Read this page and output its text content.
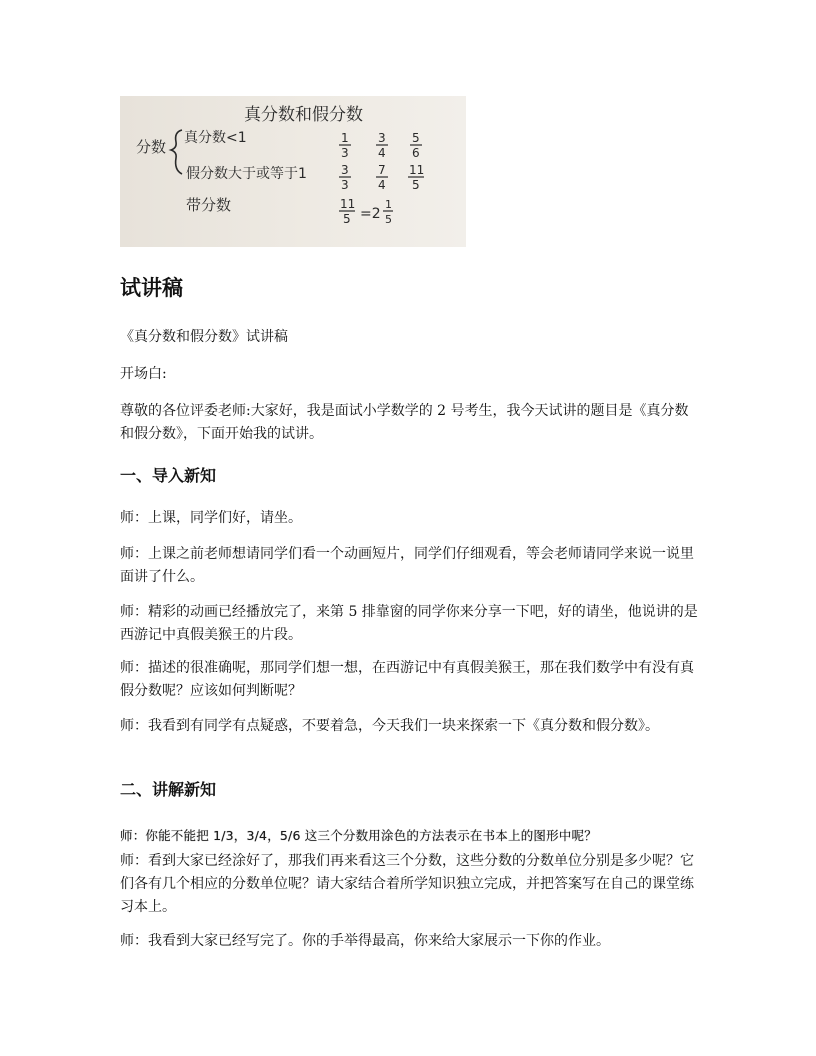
真分数和假分数
分数 真分数<1
假分数大于或等于1
带分数
1
3
3
4
5
6
3
3
7
4
11
5
11
5 =2
1
5
试讲稿

《真分数和假分数》试讲稿

开场白:

尊敬的各位评委老师:大家好，我是面试小学数学的 2 号考生，我今天试讲的题目是《真分数和假分数》，下面开始我的试讲。

一、导入新知

师：上课，同学们好，请坐。

师：上课之前老师想请同学们看一个动画短片，同学们仔细观看，等会老师请同学来说一说里面讲了什么。

师：精彩的动画已经播放完了，来第 5 排靠窗的同学你来分享一下吧，好的请坐，他说讲的是西游记中真假美猴王的片段。

师：描述的很准确呢，那同学们想一想，在西游记中有真假美猴王，那在我们数学中有没有真假分数呢？应该如何判断呢？

师：我看到有同学有点疑惑，不要着急，今天我们一块来探索一下《真分数和假分数》。

二、讲解新知

师：你能不能把 1/3，3/4，5/6 这三个分数用涂色的方法表示在书本上的图形中呢？

师：看到大家已经涂好了，那我们再来看这三个分数，这些分数的分数单位分别是多少呢？它们各有几个相应的分数单位呢？请大家结合着所学知识独立完成，并把答案写在自己的课堂练习本上。

师：我看到大家已经写完了。你的手举得最高，你来给大家展示一下你的作业。
